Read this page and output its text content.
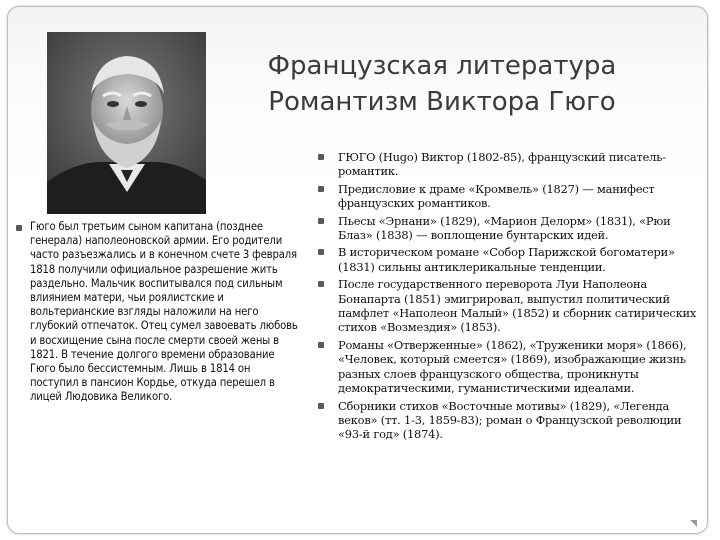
Французская литература
Романтизм Виктора Гюго

Гюго был третьим сыном капитана (позднее генерала) наполеоновской армии. Его родители часто разъезжались и в конечном счете 3 февраля 1818 получили официальное разрешение жить раздельно. Мальчик воспитывался под сильным влиянием матери, чьи роялистские и вольтерианские взгляды наложили на него глубокий отпечаток. Отец сумел завоевать любовь и восхищение сына после смерти своей жены в 1821. В течение долгого времени образование Гюго было бессистемным. Лишь в 1814 он поступил в пансион Кордье, откуда перешел в лицей Людовика Великого.

ГЮГО (Hugo) Виктор (1802-85), французский писатель-романтик.
Предисловие к драме «Кромвель» (1827) — манифест французских романтиков.
Пьесы «Эрнани» (1829), «Марион Делорм» (1831), «Рюи Блаз» (1838) — воплощение бунтарских идей.
В историческом романе «Собор Парижской богоматери» (1831) сильны антиклерикальные тенденции.
После государственного переворота Луи Наполеона Бонапарта (1851) эмигрировал, выпустил политический памфлет «Наполеон Малый» (1852) и сборник сатирических стихов «Возмездия» (1853).
Романы «Отверженные» (1862), «Труженики моря» (1866), «Человек, который смеется» (1869), изображающие жизнь разных слоев французского общества, проникнуты демократическими, гуманистическими идеалами.
Сборники стихов «Восточные мотивы» (1829), «Легенда веков» (тт. 1-3, 1859-83); роман о Французской революции «93-й год» (1874).
